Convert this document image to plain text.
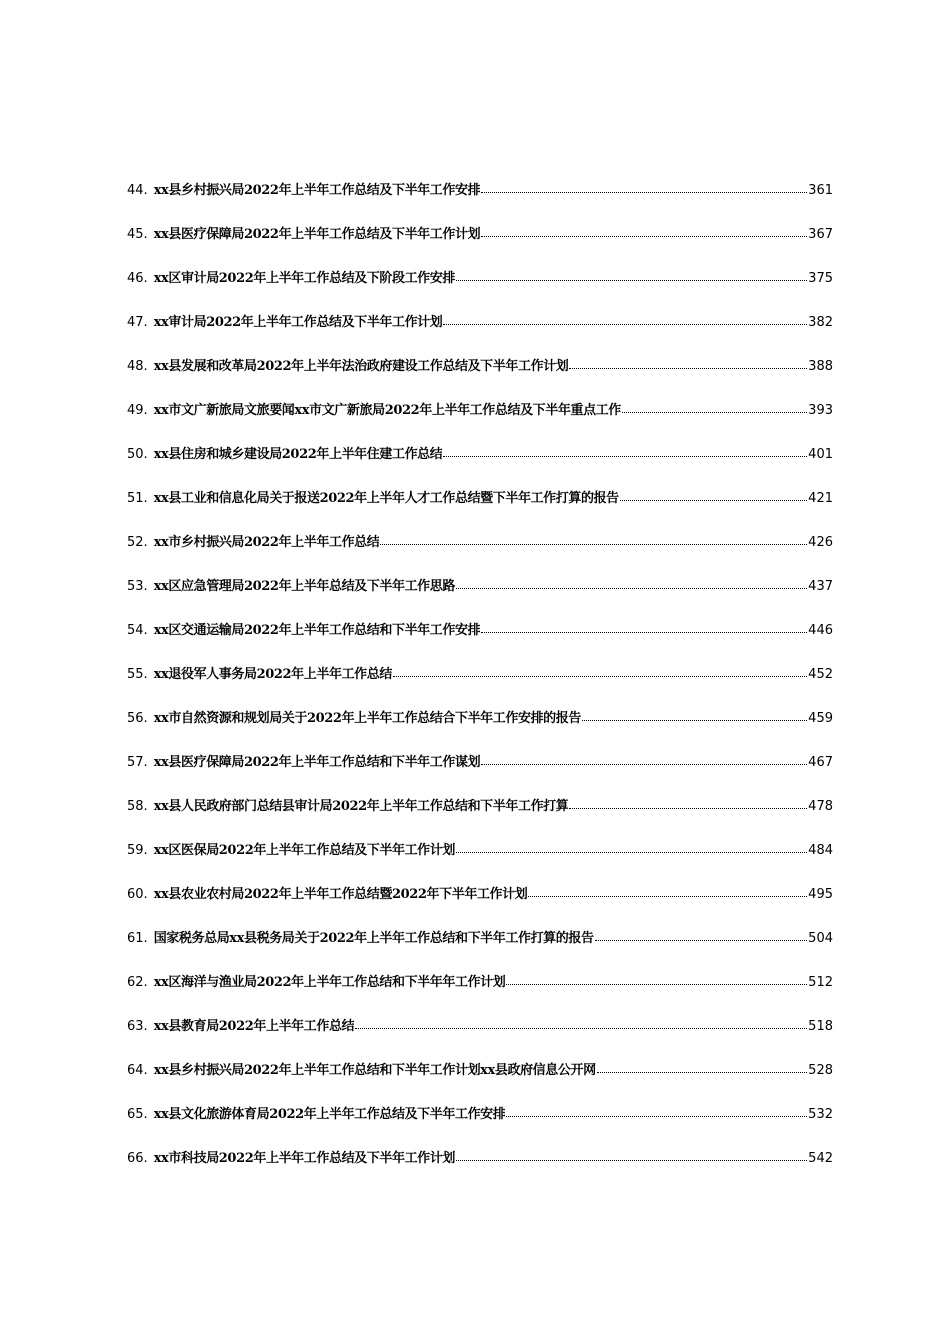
44. xx县乡村振兴局2022年上半年工作总结及下半年工作安排	361
45. xx县医疗保障局2022年上半年工作总结及下半年工作计划	367
46. xx区审计局2022年上半年工作总结及下阶段工作安排	375
47. xx审计局2022年上半年工作总结及下半年工作计划	382
48. xx县发展和改革局2022年上半年法治政府建设工作总结及下半年工作计划	388
49. xx市文广新旅局文旅要闻xx市文广新旅局2022年上半年工作总结及下半年重点工作	393
50. xx县住房和城乡建设局2022年上半年住建工作总结	401
51. xx县工业和信息化局关于报送2022年上半年人才工作总结暨下半年工作打算的报告	421
52. xx市乡村振兴局2022年上半年工作总结	426
53. xx区应急管理局2022年上半年总结及下半年工作思路	437
54. xx区交通运输局2022年上半年工作总结和下半年工作安排	446
55. xx退役军人事务局2022年上半年工作总结	452
56. xx市自然资源和规划局关于2022年上半年工作总结合下半年工作安排的报告	459
57. xx县医疗保障局2022年上半年工作总结和下半年工作谋划	467
58. xx县人民政府部门总结县审计局2022年上半年工作总结和下半年工作打算	478
59. xx区医保局2022年上半年工作总结及下半年工作计划	484
60. xx县农业农村局2022年上半年工作总结暨2022年下半年工作计划	495
61. 国家税务总局xx县税务局关于2022年上半年工作总结和下半年工作打算的报告	504
62. xx区海洋与渔业局2022年上半年工作总结和下半年年工作计划	512
63. xx县教育局2022年上半年工作总结	518
64. xx县乡村振兴局2022年上半年工作总结和下半年工作计划xx县政府信息公开网	528
65. xx县文化旅游体育局2022年上半年工作总结及下半年工作安排	532
66. xx市科技局2022年上半年工作总结及下半年工作计划	542
